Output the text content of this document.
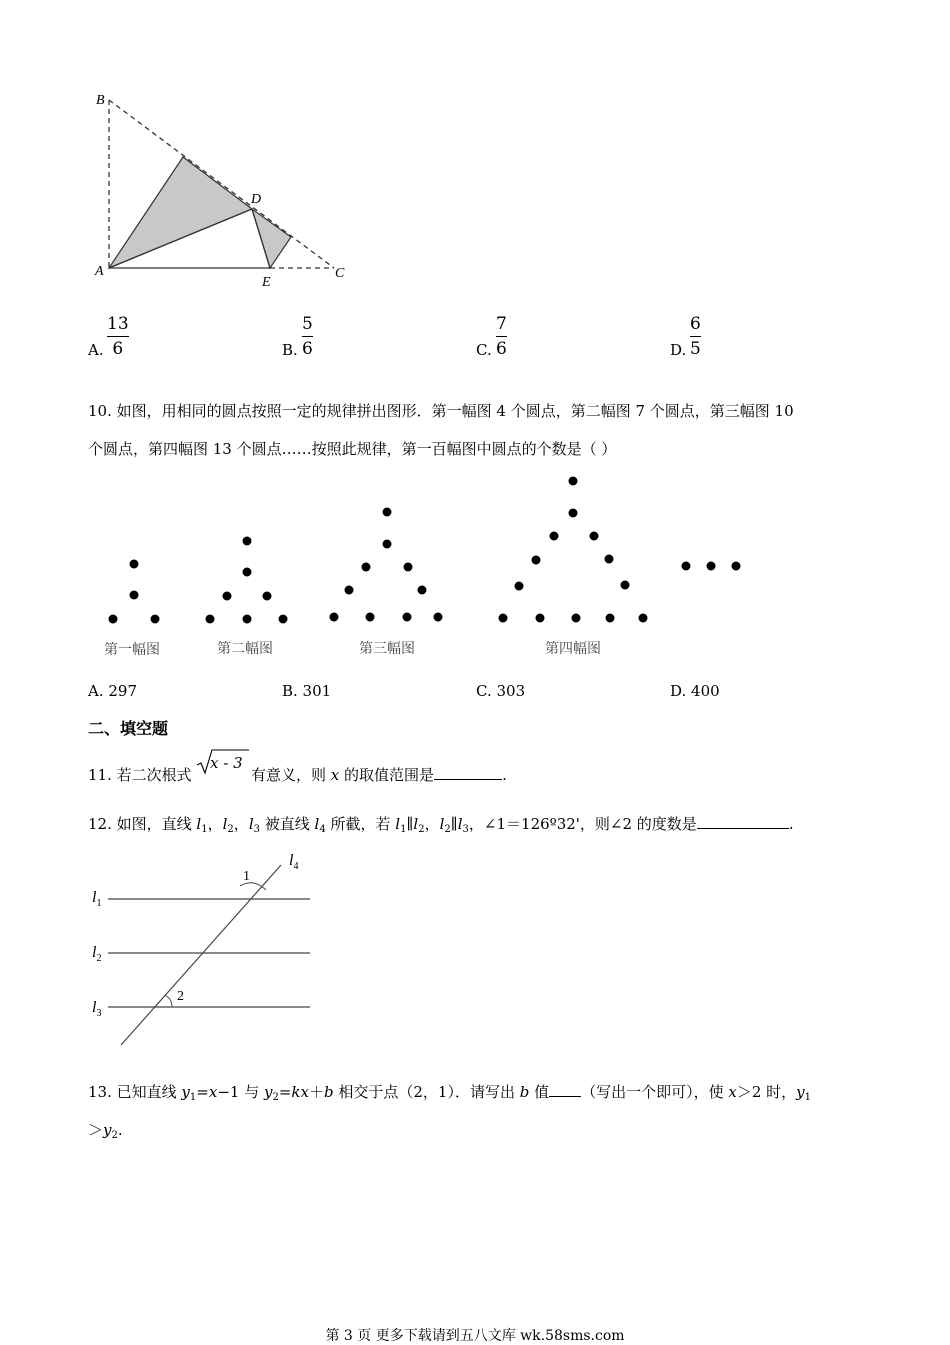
B
D
A
E
C
A.
13
6	B.
5
6	C.
7
6	D.
6
5
10. 如图，用相同的圆点按照一定的规律拼出图形．第一幅图 4 个圆点，第二幅图 7 个圆点，第三幅图 10
个圆点，第四幅图 13 个圆点……按照此规律，第一百幅图中圆点的个数是（ ）
第一幅图	第二幅图	第三幅图	第四幅图
A. 297	B. 301	C. 303	D. 400
二、填空题
11. 若二次根式
x - 3
有意义，则 x 的取值范围是	.
12. 如图，直线 $l_1$，$l_2$，$l_3$ 被直线 $l_4$ 所截，若 $l_1\parallel l_2$，$l_2\parallel l_3$，∠1＝126º32'，则∠2 的度数是	.
$l_1$
$l_2$
$l_3$
$l_4$
1
2
13. 已知直线 $y_1=x-1$ 与 $y_2=kx+b$ 相交于点（2，1）．请写出 b 值 （写出一个即可），使 x＞2 时，$y_1$
$>y_2$.
第 3 页 更多下载请到五八文库 wk.58sms.com
